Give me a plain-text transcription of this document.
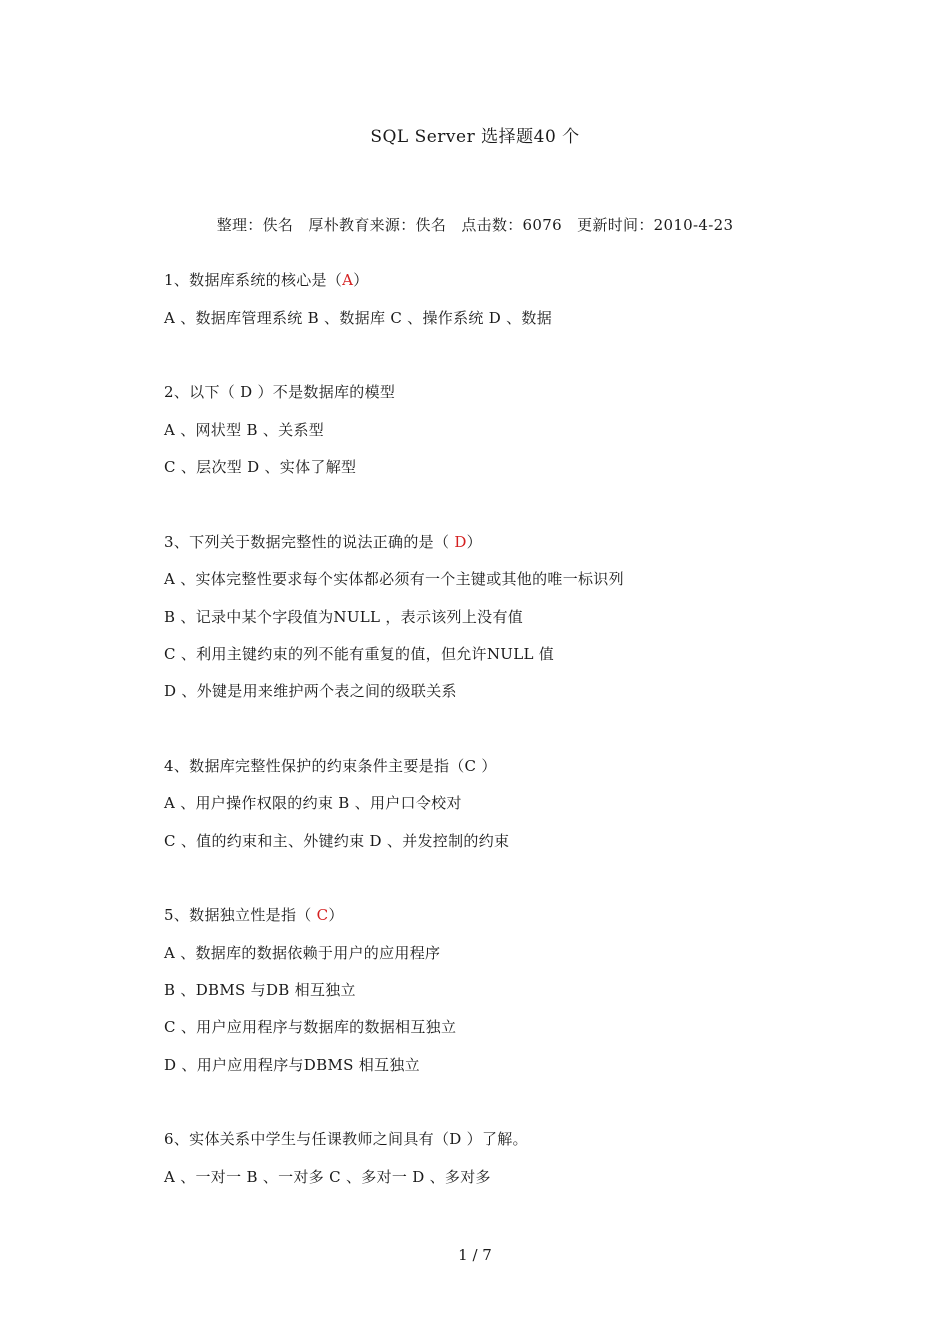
SQL Server 选择题40 个
整理：佚名 厚朴教育来源：佚名 点击数：6076 更新时间：2010-4-23
1、数据库系统的核心是（A）
A 、数据库管理系统 B 、数据库 C 、操作系统 D 、数据
2、以下（ D ）不是数据库的模型
A 、网状型 B 、关系型
C 、层次型 D 、实体了解型
3、下列关于数据完整性的说法正确的是（ D）
A 、实体完整性要求每个实体都必须有一个主键或其他的唯一标识列
B 、记录中某个字段值为NULL ，表示该列上没有值
C 、利用主键约束的列不能有重复的值，但允许NULL 值
D 、外键是用来维护两个表之间的级联关系
4、数据库完整性保护的约束条件主要是指（C ）
A 、用户操作权限的约束 B 、用户口令校对
C 、值的约束和主、外键约束 D 、并发控制的约束
5、数据独立性是指（ C）
A 、数据库的数据依赖于用户的应用程序
B 、DBMS 与DB 相互独立
C 、用户应用程序与数据库的数据相互独立
D 、用户应用程序与DBMS 相互独立
6、实体关系中学生与任课教师之间具有（D ）了解。
A 、一对一 B 、一对多 C 、多对一 D 、多对多
1 / 7
